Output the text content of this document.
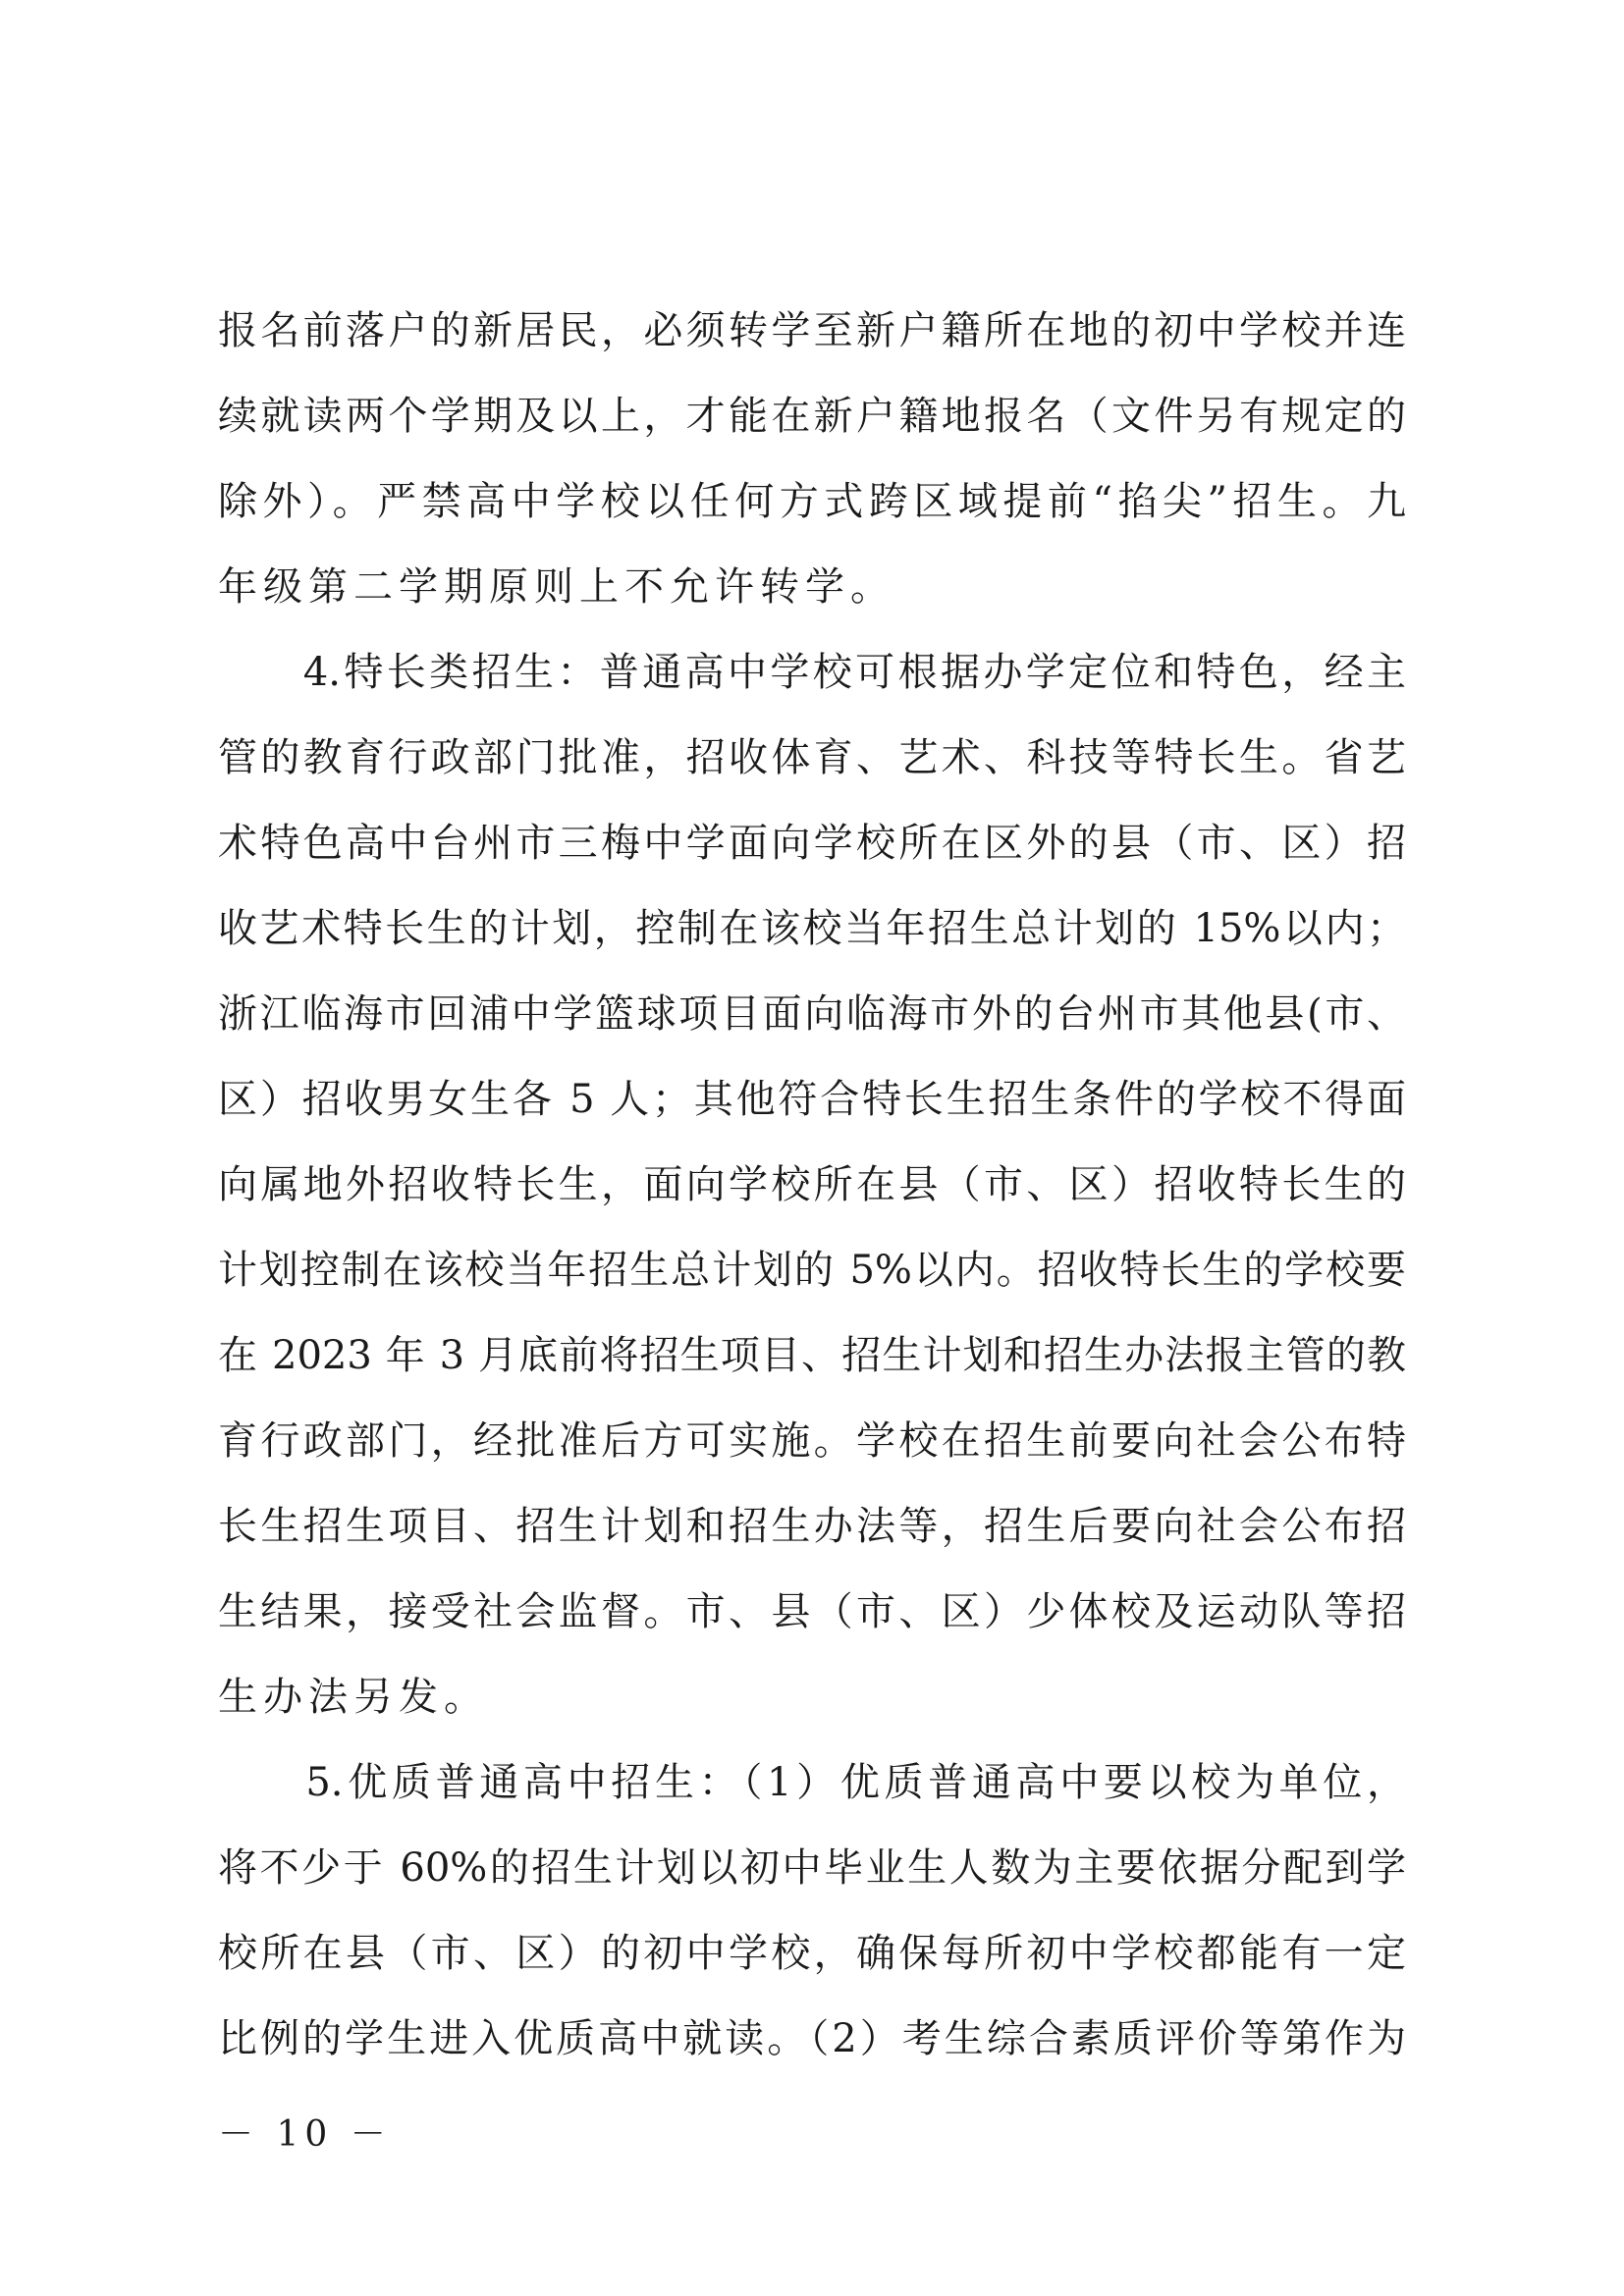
报名前落户的新居民，必须转学至新户籍所在地的初中学校并连
续就读两个学期及以上，才能在新户籍地报名（文件另有规定的
除外）。严禁高中学校以任何方式跨区域提前“掐尖”招生。九
年级第二学期原则上不允许转学。
　　4.特长类招生：普通高中学校可根据办学定位和特色，经主
管的教育行政部门批准，招收体育、艺术、科技等特长生。省艺
术特色高中台州市三梅中学面向学校所在区外的县（市、区）招
收艺术特长生的计划，控制在该校当年招生总计划的 15%以内；
浙江临海市回浦中学篮球项目面向临海市外的台州市其他县(市、
区）招收男女生各 5 人；其他符合特长生招生条件的学校不得面
向属地外招收特长生，面向学校所在县（市、区）招收特长生的
计划控制在该校当年招生总计划的 5%以内。招收特长生的学校要
在 2023 年 3 月底前将招生项目、招生计划和招生办法报主管的教
育行政部门，经批准后方可实施。学校在招生前要向社会公布特
长生招生项目、招生计划和招生办法等，招生后要向社会公布招
生结果，接受社会监督。市、县（市、区）少体校及运动队等招
生办法另发。
　　5.优质普通高中招生：（1）优质普通高中要以校为单位，
将不少于 60%的招生计划以初中毕业生人数为主要依据分配到学
校所在县（市、区）的初中学校，确保每所初中学校都能有一定
比例的学生进入优质高中就读。（2）考生综合素质评价等第作为
－ 10 －
